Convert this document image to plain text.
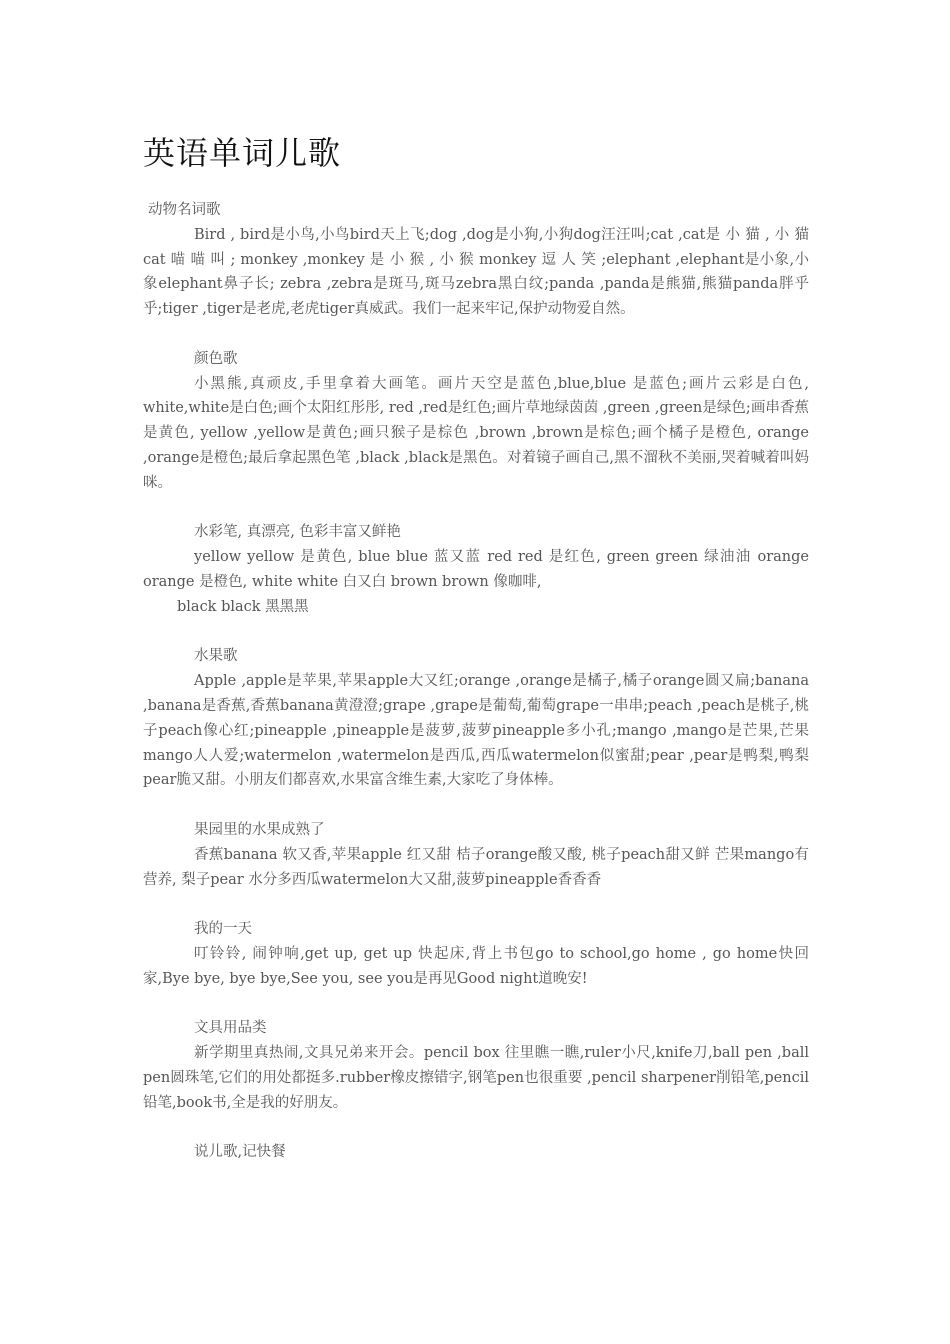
英语单词儿歌
动物名词歌
Bird , bird是小鸟,小鸟bird天上飞;dog ,dog是小狗,小狗dog汪汪叫;cat ,cat是 小 猫 , 小 猫 cat 喵 喵 叫 ; monkey ,monkey 是 小 猴 , 小 猴 monkey 逗 人 笑 ;elephant ,elephant是小象,小象elephant鼻子长; zebra ,zebra是斑马,斑马zebra黑白纹;panda ,panda是熊猫,熊猫panda胖乎乎;tiger ,tiger是老虎,老虎tiger真威武。我们一起来牢记,保护动物爱自然。
颜色歌
小黑熊,真顽皮,手里拿着大画笔。画片天空是蓝色,blue,blue 是蓝色;画片云彩是白色, white,white是白色;画个太阳红彤彤, red ,red是红色;画片草地绿茵茵 ,green ,green是绿色;画串香蕉是黄色, yellow ,yellow是黄色;画只猴子是棕色 ,brown ,brown是棕色;画个橘子是橙色, orange ,orange是橙色;最后拿起黑色笔 ,black ,black是黑色。对着镜子画自己,黑不溜秋不美丽,哭着喊着叫妈咪。
水彩笔, 真漂亮, 色彩丰富又鲜艳
yellow yellow 是黄色, blue blue 蓝又蓝 red red 是红色, green green 绿油油 orange orange 是橙色, white white 白又白 brown brown 像咖啡,
black black 黑黑黑
水果歌
Apple ,apple是苹果,苹果apple大又红;orange ,orange是橘子,橘子orange圆又扁;banana ,banana是香蕉,香蕉banana黄澄澄;grape ,grape是葡萄,葡萄grape一串串;peach ,peach是桃子,桃子peach像心红;pineapple ,pineapple是菠萝,菠萝pineapple多小孔;mango ,mango是芒果,芒果mango人人爱;watermelon ,watermelon是西瓜,西瓜watermelon似蜜甜;pear ,pear是鸭梨,鸭梨pear脆又甜。小朋友们都喜欢,水果富含维生素,大家吃了身体棒。
果园里的水果成熟了
香蕉banana 软又香,苹果apple 红又甜 桔子orange酸又酸, 桃子peach甜又鲜 芒果mango有营养, 梨子pear 水分多西瓜watermelon大又甜,菠萝pineapple香香香
我的一天
叮铃铃, 闹钟响,get up, get up 快起床,背上书包go to school,go home , go home快回家,Bye bye, bye bye,See you, see you是再见Good night道晚安!
文具用品类
新学期里真热闹,文具兄弟来开会。pencil box 往里瞧一瞧,ruler小尺,knife刀,ball pen ,ball pen圆珠笔,它们的用处都挺多.rubber橡皮擦错字,钢笔pen也很重要 ,pencil sharpener削铅笔,pencil铅笔,book书,全是我的好朋友。
说儿歌,记快餐
